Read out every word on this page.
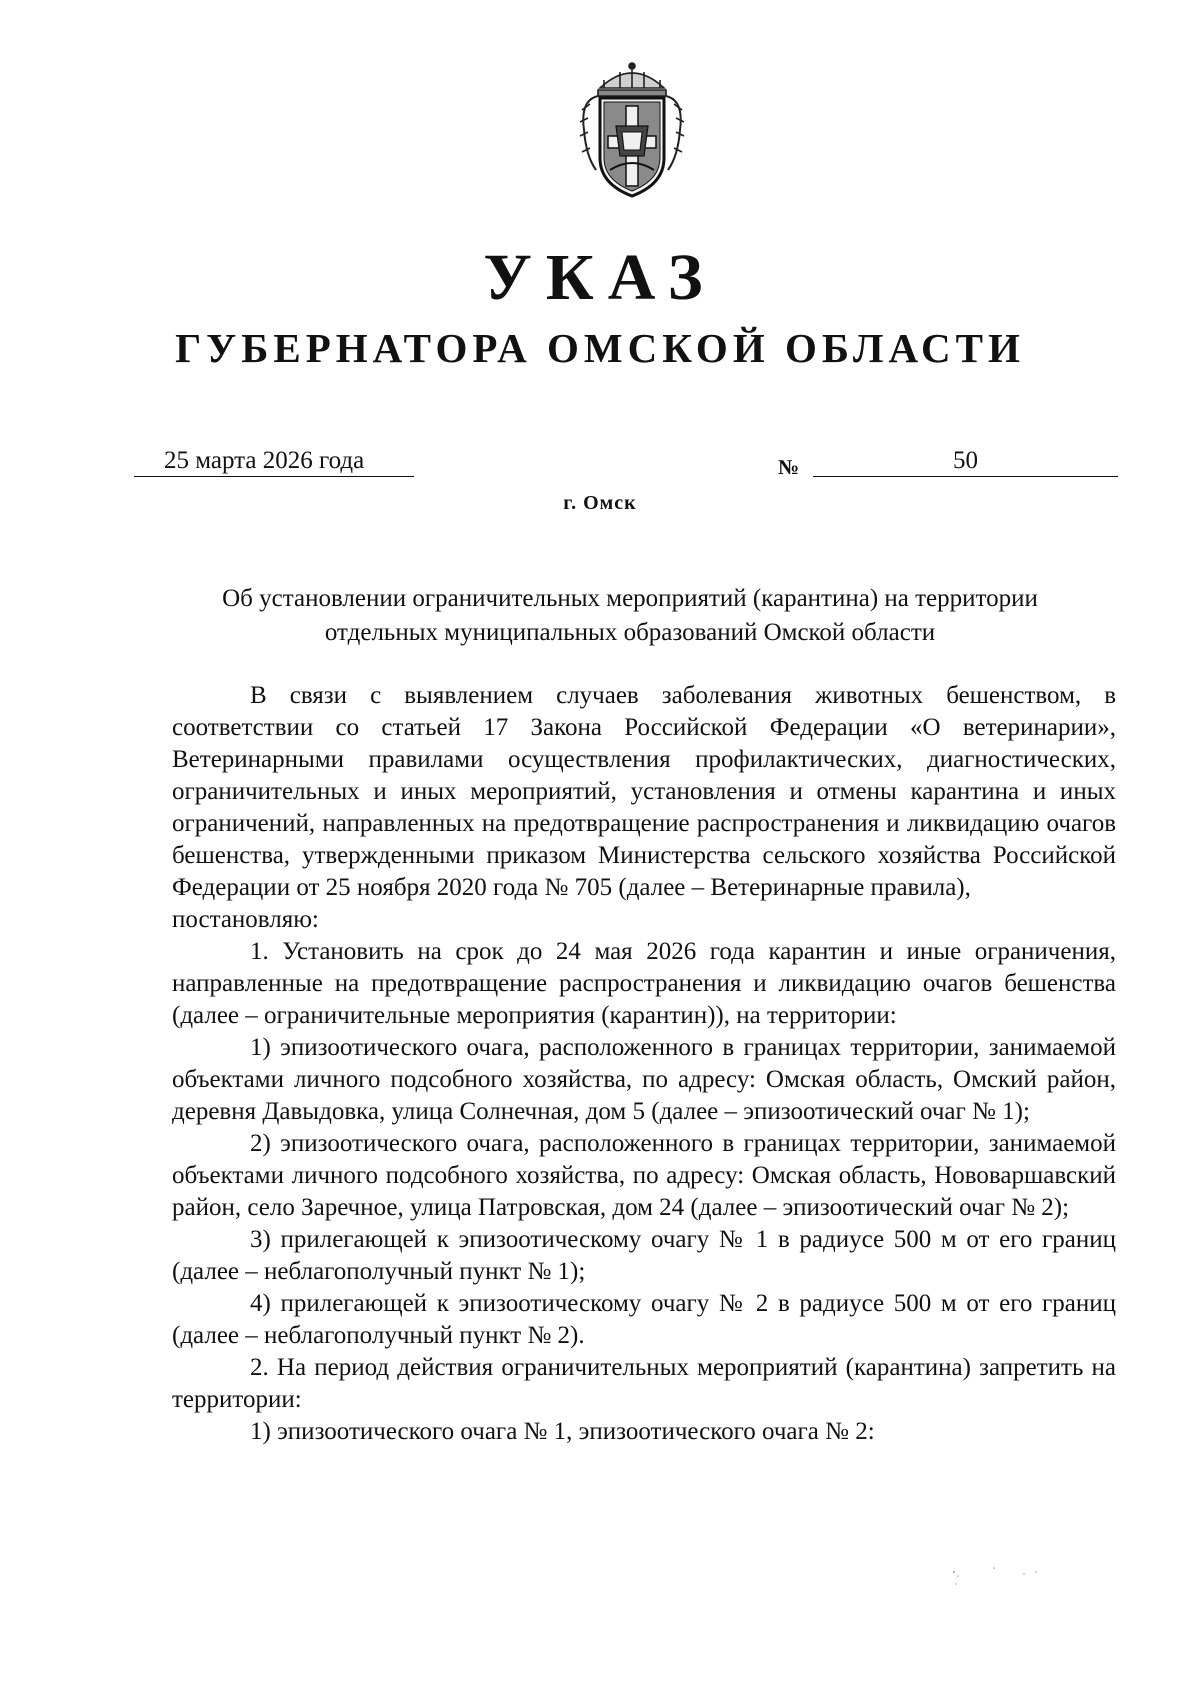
УКАЗ
ГУБЕРНАТОРА ОМСКОЙ ОБЛАСТИ
25 марта 2026 года	№	50
г. Омск
Об установлении ограничительных мероприятий (карантина) на территории
отдельных муниципальных образований Омской области

В связи с выявлением случаев заболевания животных бешенством, в соответствии со статьей 17 Закона Российской Федерации «О ветеринарии», Ветеринарными правилами осуществления профилактических, диагностических, ограничительных и иных мероприятий, установления и отмены карантина и иных ограничений, направленных на предотвращение распространения и ликвидацию очагов бешенства, утвержденными приказом Министерства сельского хозяйства Российской Федерации от 25 ноября 2020 года № 705 (далее – Ветеринарные правила),

постановляю:

1. Установить на срок до 24 мая 2026 года карантин и иные ограничения, направленные на предотвращение распространения и ликвидацию очагов бешенства (далее – ограничительные мероприятия (карантин)), на территории:

1) эпизоотического очага, расположенного в границах территории, занимаемой объектами личного подсобного хозяйства, по адресу: Омская область, Омский район, деревня Давыдовка, улица Солнечная, дом 5 (далее – эпизоотический очаг № 1);

2) эпизоотического очага, расположенного в границах территории, занимаемой объектами личного подсобного хозяйства, по адресу: Омская область, Нововаршавский район, село Заречное, улица Патровская, дом 24 (далее – эпизоотический очаг № 2);

3) прилегающей к эпизоотическому очагу № 1 в радиусе 500 м от его границ (далее – неблагополучный пункт № 1);

4) прилегающей к эпизоотическому очагу № 2 в радиусе 500 м от его границ (далее – неблагополучный пункт № 2).

2. На период действия ограничительных мероприятий (карантина) запретить на территории:

1) эпизоотического очага № 1, эпизоотического очага № 2:
